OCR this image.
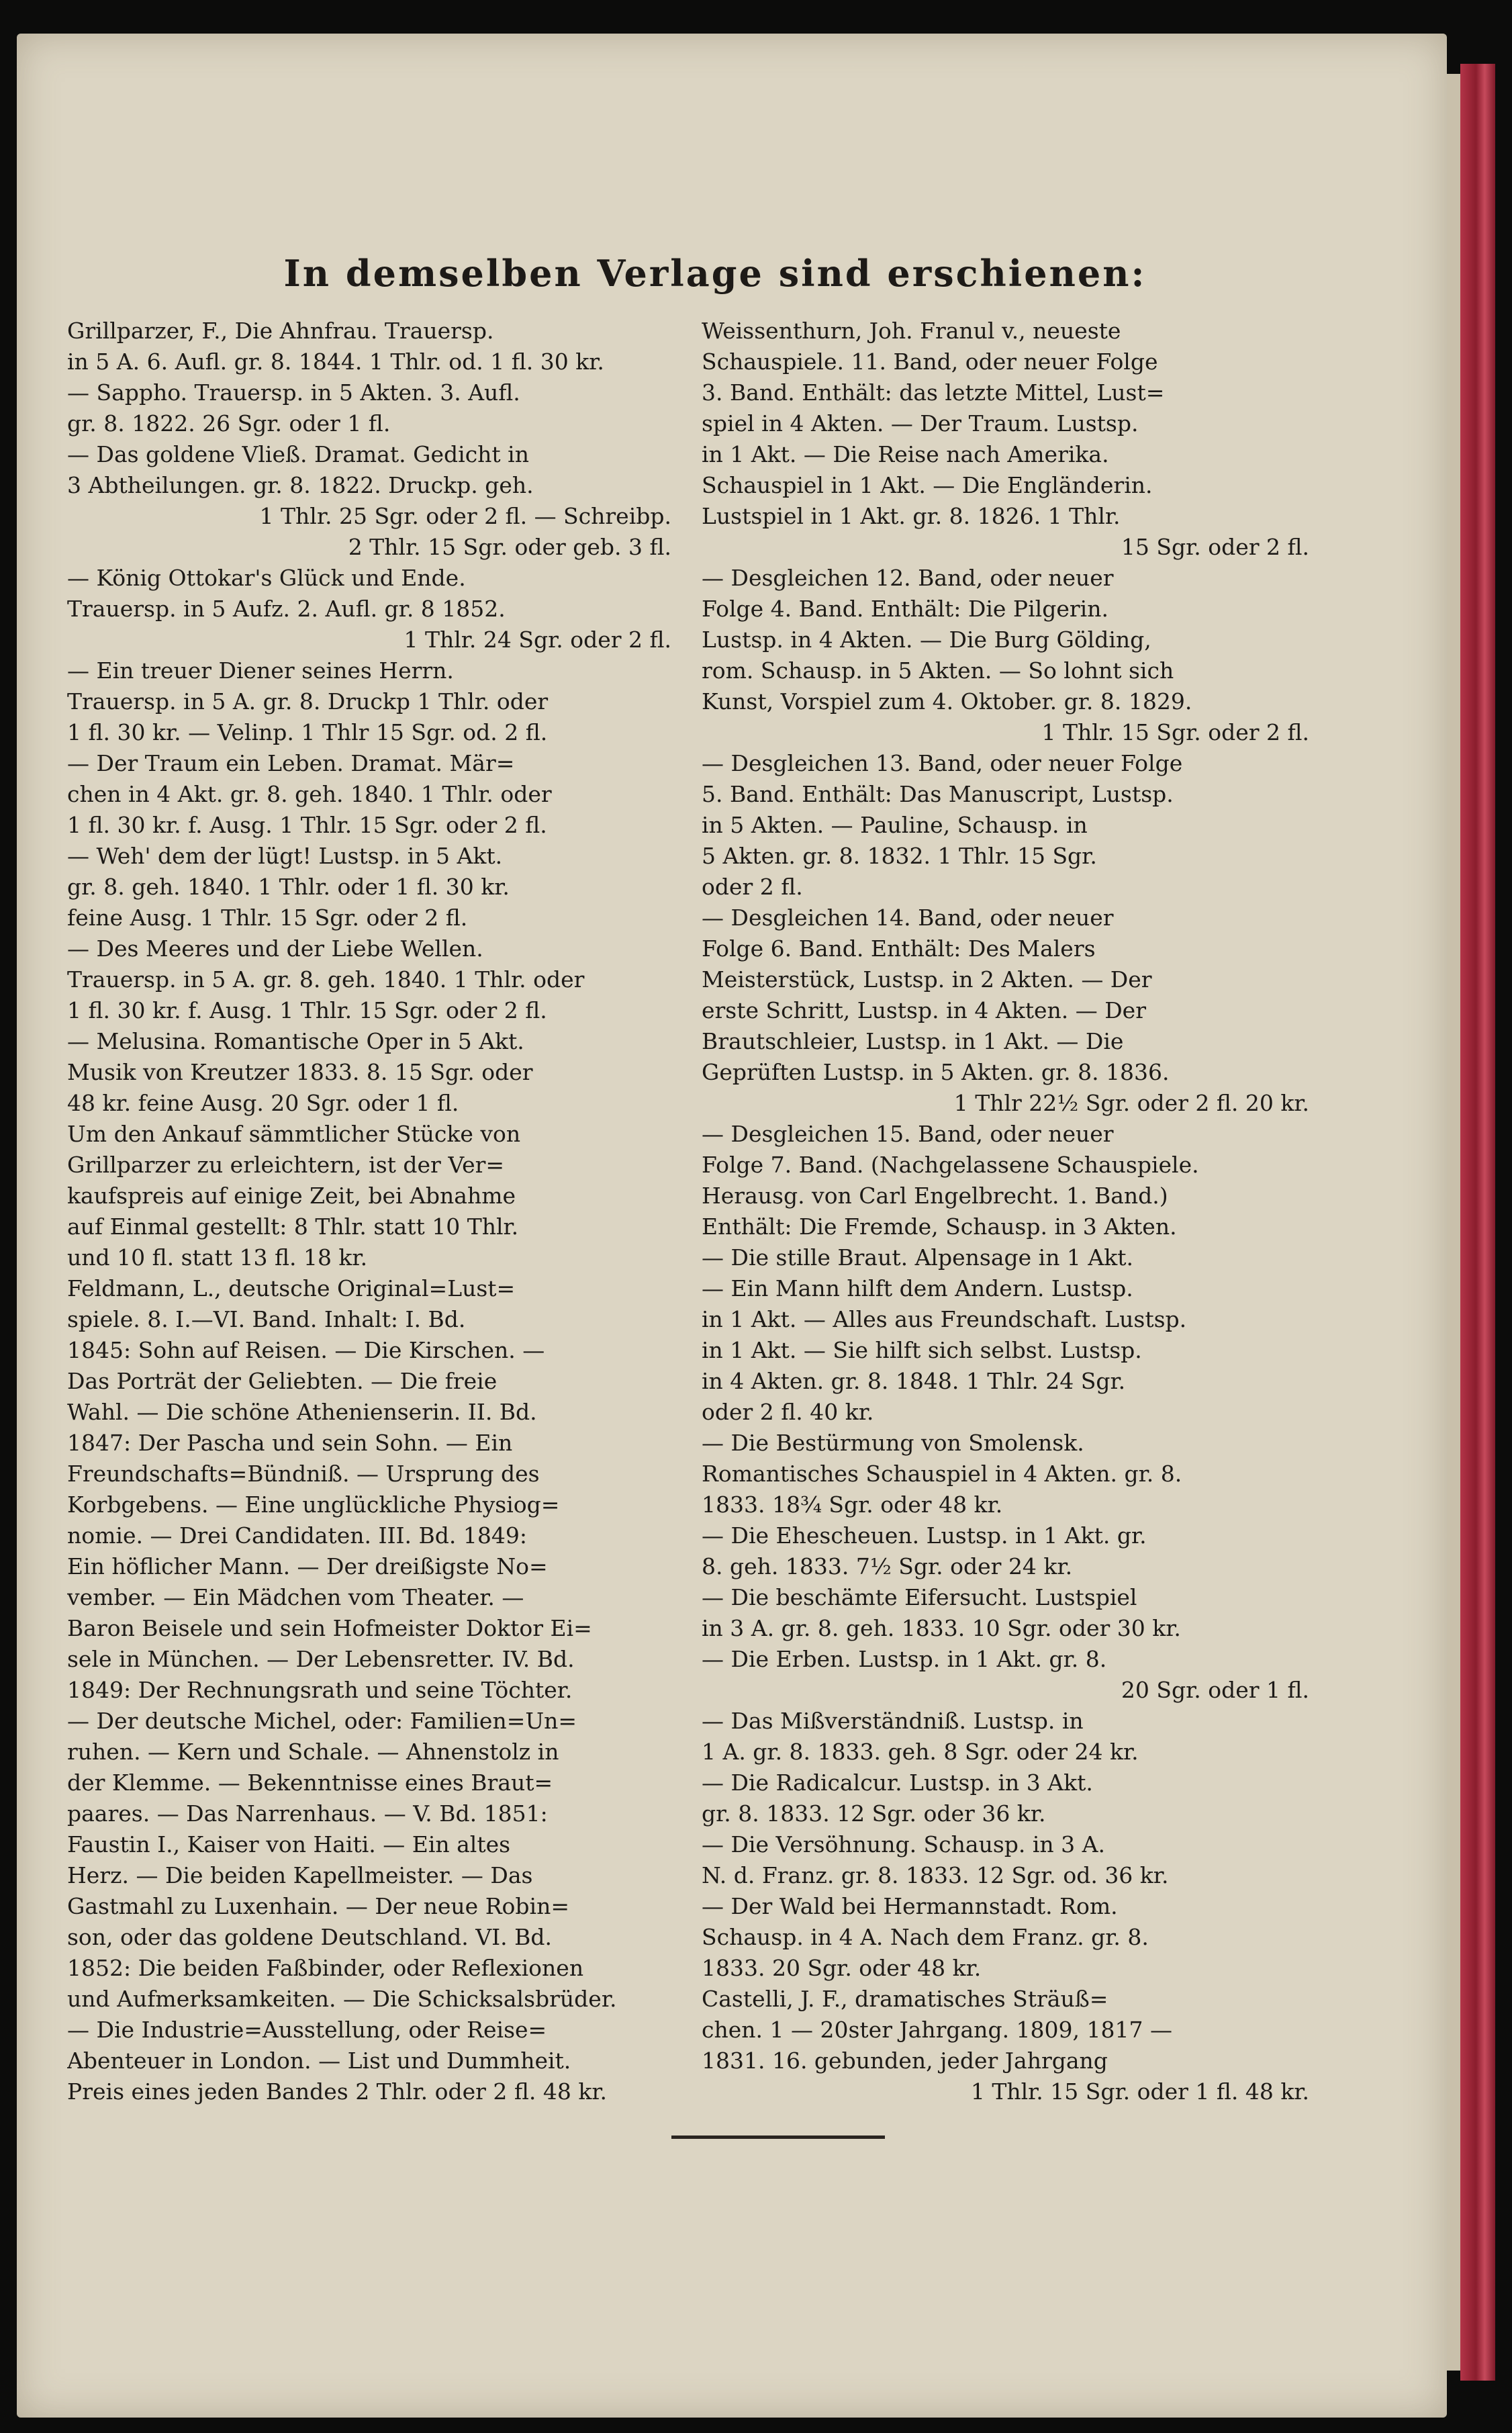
In demselben Verlage sind erschienen:
Grillparzer, F., Die Ahnfrau. Trauersp.
in 5 A. 6. Aufl. gr. 8. 1844. 1 Thlr. od. 1 fl. 30 kr.
— Sappho. Trauersp. in 5 Akten. 3. Aufl.
gr. 8. 1822. 26 Sgr. oder 1 fl.
— Das goldene Vließ. Dramat. Gedicht in
3 Abtheilungen. gr. 8. 1822. Druckp. geh.
1 Thlr. 25 Sgr. oder 2 fl. — Schreibp.
2 Thlr. 15 Sgr. oder geb. 3 fl.
— König Ottokar's Glück und Ende.
Trauersp. in 5 Aufz. 2. Aufl. gr. 8 1852.
1 Thlr. 24 Sgr. oder 2 fl.
— Ein treuer Diener seines Herrn.
Trauersp. in 5 A. gr. 8. Druckp 1 Thlr. oder
1 fl. 30 kr. — Velinp. 1 Thlr 15 Sgr. od. 2 fl.
— Der Traum ein Leben. Dramat. Mär=
chen in 4 Akt. gr. 8. geh. 1840. 1 Thlr. oder
1 fl. 30 kr. f. Ausg. 1 Thlr. 15 Sgr. oder 2 fl.
— Weh' dem der lügt! Lustsp. in 5 Akt.
gr. 8. geh. 1840. 1 Thlr. oder 1 fl. 30 kr.
feine Ausg. 1 Thlr. 15 Sgr. oder 2 fl.
— Des Meeres und der Liebe Wellen.
Trauersp. in 5 A. gr. 8. geh. 1840. 1 Thlr. oder
1 fl. 30 kr. f. Ausg. 1 Thlr. 15 Sgr. oder 2 fl.
— Melusina. Romantische Oper in 5 Akt.
Musik von Kreutzer 1833. 8. 15 Sgr. oder
48 kr. feine Ausg. 20 Sgr. oder 1 fl.
Um den Ankauf sämmtlicher Stücke von
Grillparzer zu erleichtern, ist der Ver=
kaufspreis auf einige Zeit, bei Abnahme
auf Einmal gestellt: 8 Thlr. statt 10 Thlr.
und 10 fl. statt 13 fl. 18 kr.
Feldmann, L., deutsche Original=Lust=
spiele. 8. I.—VI. Band. Inhalt: I. Bd.
1845: Sohn auf Reisen. — Die Kirschen. —
Das Porträt der Geliebten. — Die freie
Wahl. — Die schöne Athenienserin. II. Bd.
1847: Der Pascha und sein Sohn. — Ein
Freundschafts=Bündniß. — Ursprung des
Korbgebens. — Eine unglückliche Physiog=
nomie. — Drei Candidaten. III. Bd. 1849:
Ein höflicher Mann. — Der dreißigste No=
vember. — Ein Mädchen vom Theater. —
Baron Beisele und sein Hofmeister Doktor Ei=
sele in München. — Der Lebensretter. IV. Bd.
1849: Der Rechnungsrath und seine Töchter.
— Der deutsche Michel, oder: Familien=Un=
ruhen. — Kern und Schale. — Ahnenstolz in
der Klemme. — Bekenntnisse eines Braut=
paares. — Das Narrenhaus. — V. Bd. 1851:
Faustin I., Kaiser von Haiti. — Ein altes
Herz. — Die beiden Kapellmeister. — Das
Gastmahl zu Luxenhain. — Der neue Robin=
son, oder das goldene Deutschland. VI. Bd.
1852: Die beiden Faßbinder, oder Reflexionen
und Aufmerksamkeiten. — Die Schicksalsbrüder.
— Die Industrie=Ausstellung, oder Reise=
Abenteuer in London. — List und Dummheit.
Preis eines jeden Bandes 2 Thlr. oder 2 fl. 48 kr.
Weissenthurn, Joh. Franul v., neueste
Schauspiele. 11. Band, oder neuer Folge
3. Band. Enthält: das letzte Mittel, Lust=
spiel in 4 Akten. — Der Traum. Lustsp.
in 1 Akt. — Die Reise nach Amerika.
Schauspiel in 1 Akt. — Die Engländerin.
Lustspiel in 1 Akt. gr. 8. 1826. 1 Thlr.
15 Sgr. oder 2 fl.
— Desgleichen 12. Band, oder neuer
Folge 4. Band. Enthält: Die Pilgerin.
Lustsp. in 4 Akten. — Die Burg Gölding,
rom. Schausp. in 5 Akten. — So lohnt sich
Kunst, Vorspiel zum 4. Oktober. gr. 8. 1829.
1 Thlr. 15 Sgr. oder 2 fl.
— Desgleichen 13. Band, oder neuer Folge
5. Band. Enthält: Das Manuscript, Lustsp.
in 5 Akten. — Pauline, Schausp. in
5 Akten. gr. 8. 1832. 1 Thlr. 15 Sgr.
oder 2 fl.
— Desgleichen 14. Band, oder neuer
Folge 6. Band. Enthält: Des Malers
Meisterstück, Lustsp. in 2 Akten. — Der
erste Schritt, Lustsp. in 4 Akten. — Der
Brautschleier, Lustsp. in 1 Akt. — Die
Geprüften Lustsp. in 5 Akten. gr. 8. 1836.
1 Thlr 22½ Sgr. oder 2 fl. 20 kr.
— Desgleichen 15. Band, oder neuer
Folge 7. Band. (Nachgelassene Schauspiele.
Herausg. von Carl Engelbrecht. 1. Band.)
Enthält: Die Fremde, Schausp. in 3 Akten.
— Die stille Braut. Alpensage in 1 Akt.
— Ein Mann hilft dem Andern. Lustsp.
in 1 Akt. — Alles aus Freundschaft. Lustsp.
in 1 Akt. — Sie hilft sich selbst. Lustsp.
in 4 Akten. gr. 8. 1848. 1 Thlr. 24 Sgr.
oder 2 fl. 40 kr.
— Die Bestürmung von Smolensk.
Romantisches Schauspiel in 4 Akten. gr. 8.
1833. 18¾ Sgr. oder 48 kr.
— Die Ehescheuen. Lustsp. in 1 Akt. gr.
8. geh. 1833. 7½ Sgr. oder 24 kr.
— Die beschämte Eifersucht. Lustspiel
in 3 A. gr. 8. geh. 1833. 10 Sgr. oder 30 kr.
— Die Erben. Lustsp. in 1 Akt. gr. 8.
20 Sgr. oder 1 fl.
— Das Mißverständniß. Lustsp. in
1 A. gr. 8. 1833. geh. 8 Sgr. oder 24 kr.
— Die Radicalcur. Lustsp. in 3 Akt.
gr. 8. 1833. 12 Sgr. oder 36 kr.
— Die Versöhnung. Schausp. in 3 A.
N. d. Franz. gr. 8. 1833. 12 Sgr. od. 36 kr.
— Der Wald bei Hermannstadt. Rom.
Schausp. in 4 A. Nach dem Franz. gr. 8.
1833. 20 Sgr. oder 48 kr.
Castelli, J. F., dramatisches Sträuß=
chen. 1 — 20ster Jahrgang. 1809, 1817 —
1831. 16. gebunden, jeder Jahrgang
1 Thlr. 15 Sgr. oder 1 fl. 48 kr.
